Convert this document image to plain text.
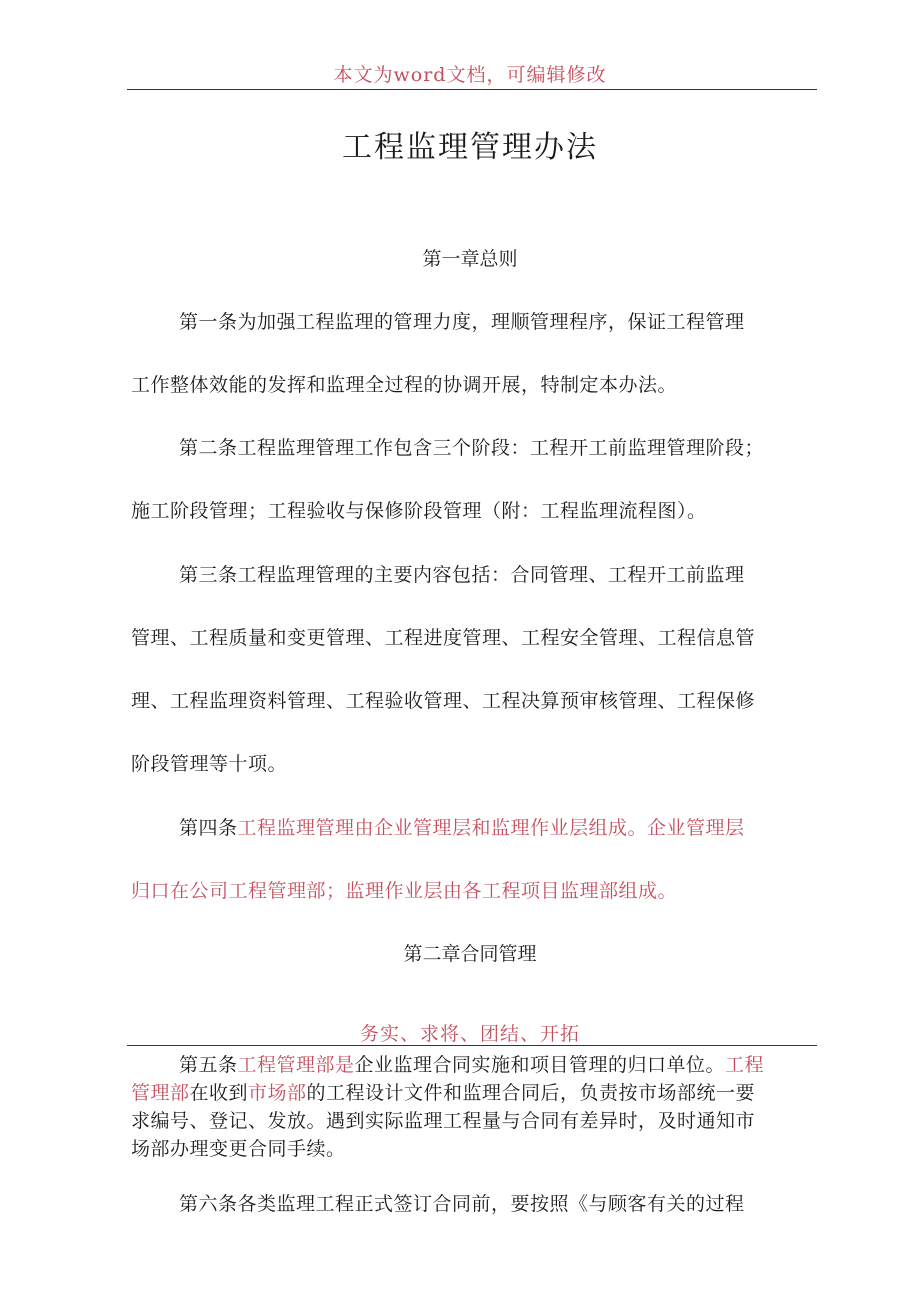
本文为word文档，可编辑修改
工程监理管理办法
第一章总则
第一条为加强工程监理的管理力度，理顺管理程序，保证工程管理
工作整体效能的发挥和监理全过程的协调开展，特制定本办法。
第二条工程监理管理工作包含三个阶段：工程开工前监理管理阶段；
施工阶段管理；工程验收与保修阶段管理（附：工程监理流程图）。
第三条工程监理管理的主要内容包括：合同管理、工程开工前监理
管理、工程质量和变更管理、工程进度管理、工程安全管理、工程信息管
理、工程监理资料管理、工程验收管理、工程决算预审核管理、工程保修
阶段管理等十项。
第四条工程监理管理由企业管理层和监理作业层组成。企业管理层
归口在公司工程管理部；监理作业层由各工程项目监理部组成。
第二章合同管理
务实、求将、团结、开拓
第五条工程管理部是企业监理合同实施和项目管理的归口单位。工程
管理部在收到市场部的工程设计文件和监理合同后，负责按市场部统一要
求编号、登记、发放。遇到实际监理工程量与合同有差异时，及时通知市
场部办理变更合同手续。
第六条各类监理工程正式签订合同前，要按照《与顾客有关的过程
